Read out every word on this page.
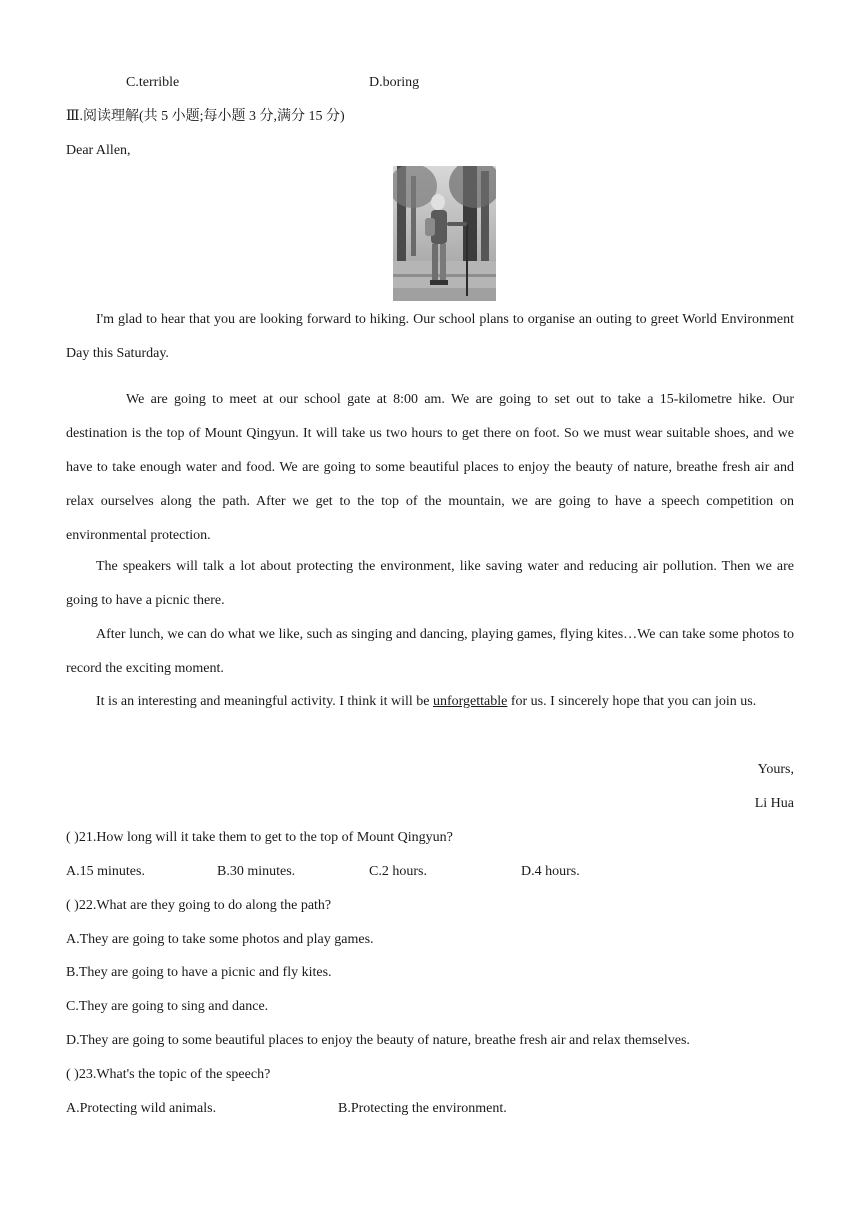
C.terrible	D.boring
Ⅲ.阅读理解(共 5 小题;每小题 3 分,满分 15 分)
Dear Allen,

I'm glad to hear that you are looking forward to hiking. Our school plans to organise an outing to greet World Environment Day this Saturday.

We are going to meet at our school gate at 8:00 am. We are going to set out to take a 15-kilometre hike. Our destination is the top of Mount Qingyun. It will take us two hours to get there on foot. So we must wear suitable shoes, and we have to take enough water and food. We are going to some beautiful places to enjoy the beauty of nature, breathe fresh air and relax ourselves along the path. After we get to the top of the mountain, we are going to have a speech competition on environmental protection.

The speakers will talk a lot about protecting the environment, like saving water and reducing air pollution. Then we are going to have a picnic there.

After lunch, we can do what we like, such as singing and dancing, playing games, flying kites…We can take some photos to record the exciting moment.

It is an interesting and meaningful activity. I think it will be unforgettable for us. I sincerely hope that you can join us.

Yours,
Li Hua
( )21.How long will it take them to get to the top of Mount Qingyun?
A.15 minutes.	B.30 minutes.	C.2 hours.	D.4 hours.
( )22.What are they going to do along the path?
A.They are going to take some photos and play games.
B.They are going to have a picnic and fly kites.
C.They are going to sing and dance.
D.They are going to some beautiful places to enjoy the beauty of nature, breathe fresh air and relax themselves.
( )23.What's the topic of the speech?
A.Protecting wild animals.	B.Protecting the environment.
